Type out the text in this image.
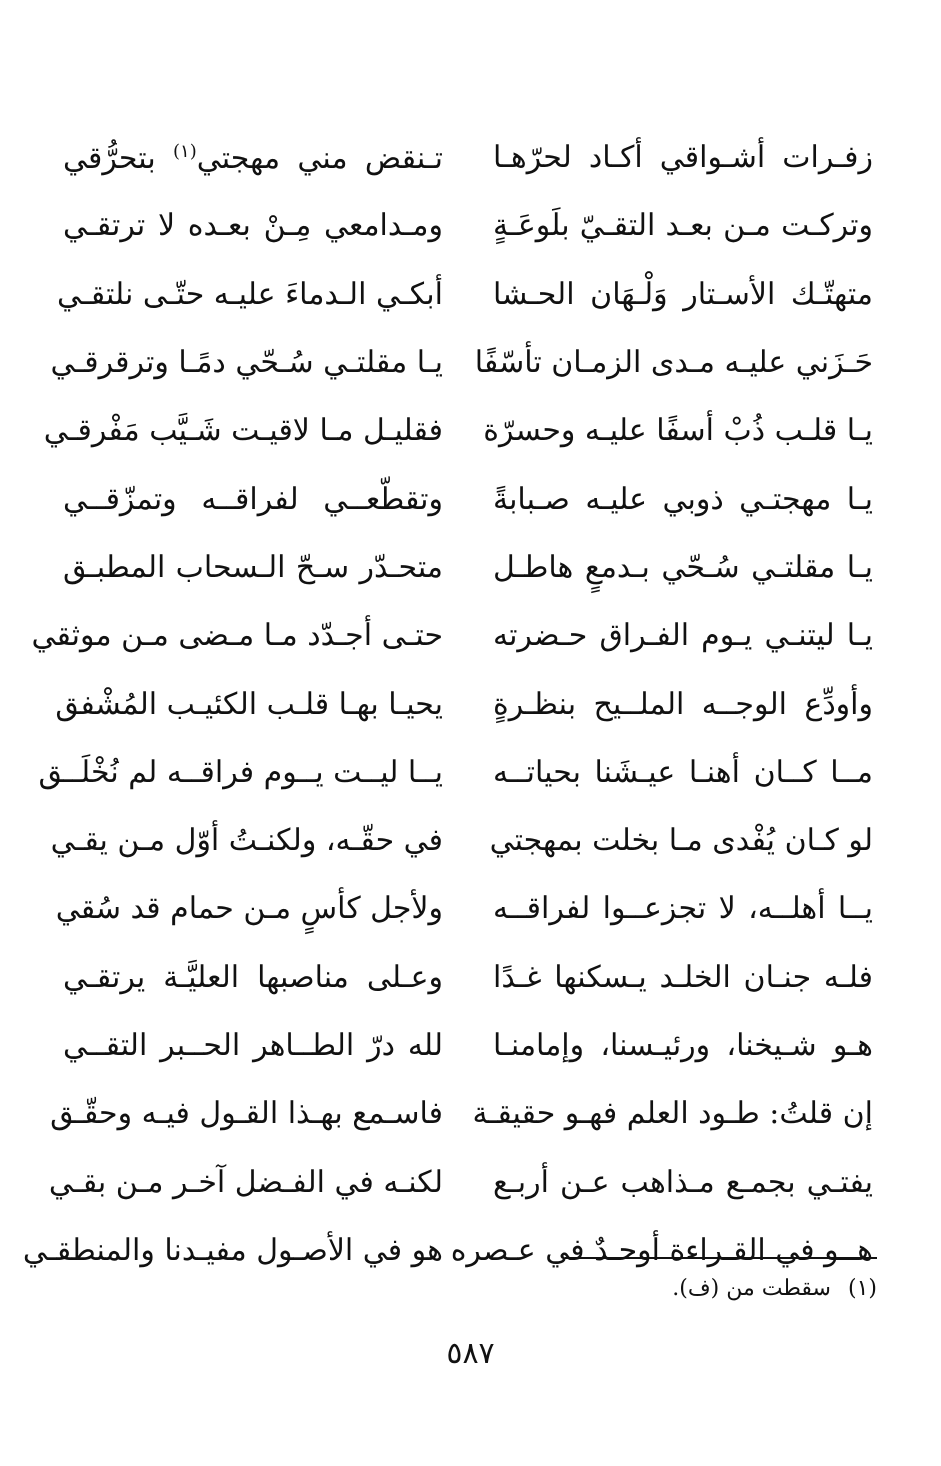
زفـرات أشـواقي أكـاد لحرّهـا
تـنقض مني مهجتي$^{(١)}$ بتحرُّقي
وتركـت مـن بعـد التقـيّ بلَوعَـةٍ
ومـدامعي مِـنْ بعـده لا ترتقـي
متهتّـك الأسـتار وَلْـهَان الحـشا
أبكـي الـدماءَ عليـه حتّـى نلتقـي
حَـزَني عليـه مـدى الزمـان تأسّفًا
يـا مقلتـي سُـحّي دمًـا وترقرقـي
يـا قلـب ذُبْ أسفًا عليـه وحسرّة
فقليـل مـا لاقيـت شَـيَّب مَفْرقـي
يـا مهجتـي ذوبي عليـه صـبابةً
وتقطّعــي لفراقــه وتمزّقــي
يـا مقلتـي سُـحّي بـدمعٍ هاطـل
متحـدّر سـحّ الـسحاب المطبـق
يـا ليتنـي يـوم الفـراق حـضرته
حتـى أجـدّد مـا مـضى مـن موثقي
وأودِّع الوجــه الملــيح بنظـرةٍ
يحيـا بهـا قلـب الكئيـب المُشْفق
مــا كــان أهنـا عيـشَنا بحياتــه
يــا ليــت يــوم فراقــه لم نُخْلَــق
لو كـان يُفْدى مـا بخلت بمهجتي
في حقّـه، ولكنـتُ أوّل مـن يقـي
يــا أهلــه، لا تجزعــوا لفراقــه
ولأجل كأسٍ مـن حمام قد سُقي
فلـه جنـان الخلـد يـسكنها غـدًا
وعـلى مناصبها العليَّـة يرتقـي
هـو شـيخنا، ورئيـسنا، وإمامنـا
لله درّ الطــاهر الحــبر التقــي
إن قلتُ: طـود العلم فهـو حقيقـة
فاسـمع بهـذا القـول فيـه وحقّـق
يفتـي بجمـع مـذاهب عـن أربـع
لكنـه في الفـضل آخـر مـن بقـي
هــو في القـراءة أوحـدٌ في عـصره
هو في الأصـول مفيـدنا والمنطقـي
(١) سقطت من (ف).
٥٨٧
